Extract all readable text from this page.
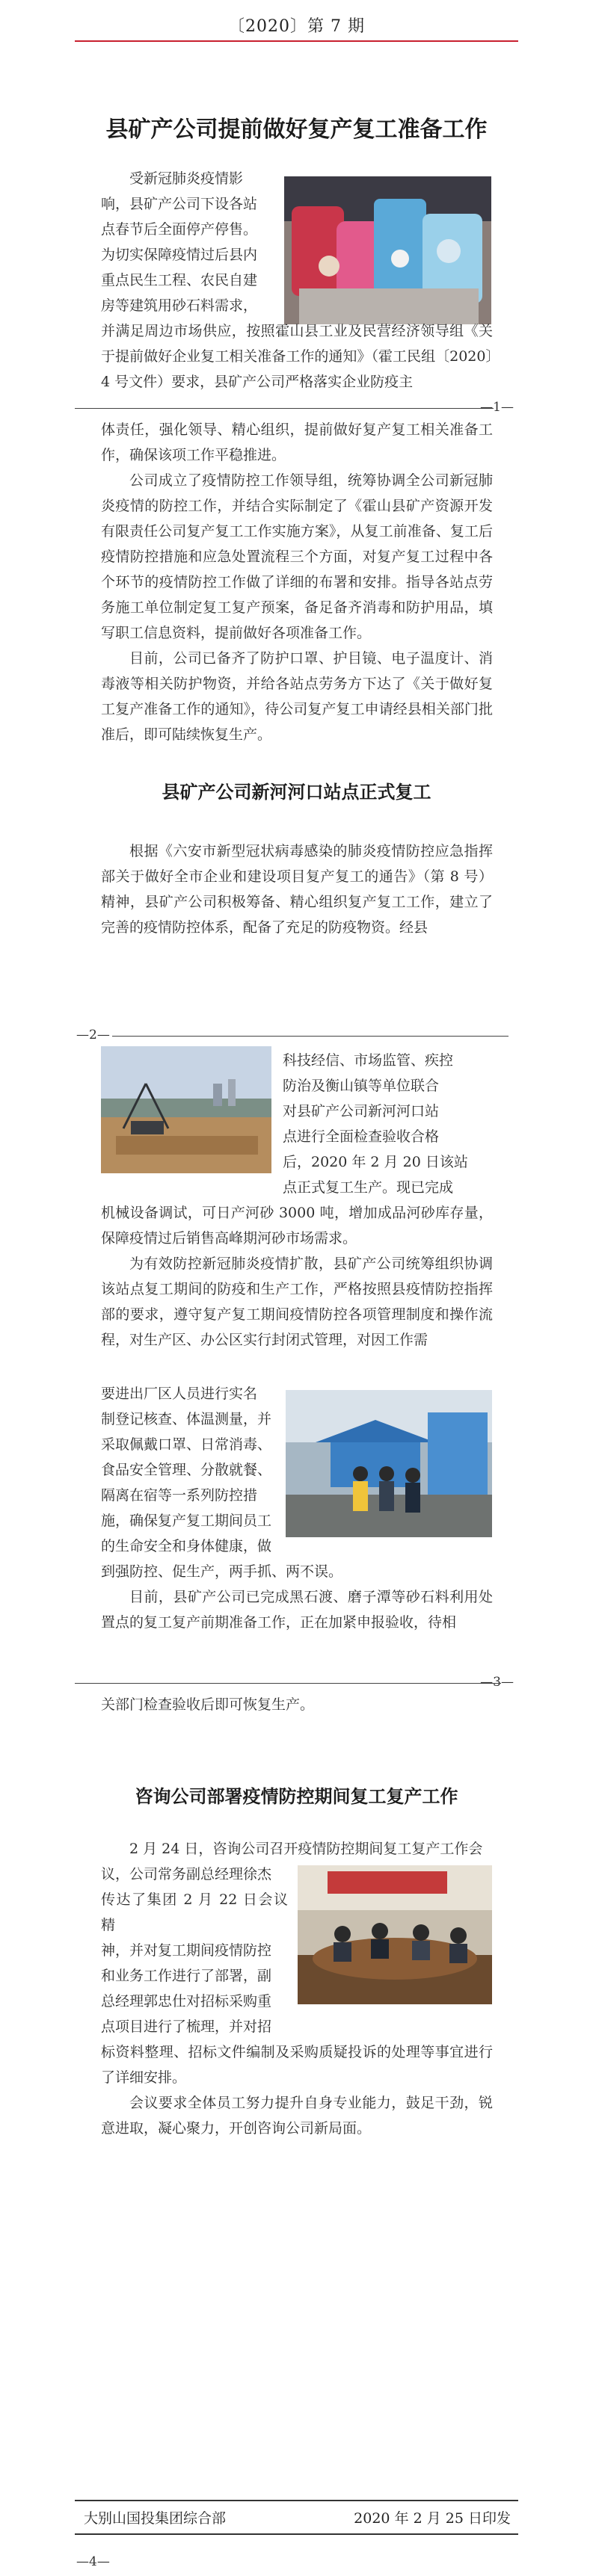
〔2020〕第 7 期
县矿产公司提前做好复产复工准备工作

受新冠肺炎疫情影

响，县矿产公司下设各站

点春节后全面停产停售。

为切实保障疫情过后县内

重点民生工程、农民自建

房等建筑用砂石料需求，

并满足周边市场供应，按照霍山县工业及民营经济领导组《关于提前做好企业复工相关准备工作的通知》（霍工民组〔2020〕4 号文件）要求，县矿产公司严格落实企业防疫主

—1—

体责任，强化领导、精心组织，提前做好复产复工相关准备工作，确保该项工作平稳推进。

公司成立了疫情防控工作领导组，统筹协调全公司新冠肺炎疫情的防控工作，并结合实际制定了《霍山县矿产资源开发有限责任公司复产复工工作实施方案》，从复工前准备、复工后疫情防控措施和应急处置流程三个方面，对复产复工过程中各个环节的疫情防控工作做了详细的布署和安排。指导各站点劳务施工单位制定复工复产预案，备足备齐消毒和防护用品，填写职工信息资料，提前做好各项准备工作。

目前，公司已备齐了防护口罩、护目镜、电子温度计、消毒液等相关防护物资，并给各站点劳务方下达了《关于做好复工复产准备工作的通知》，待公司复产复工申请经县相关部门批准后，即可陆续恢复生产。

县矿产公司新河河口站点正式复工

根据《六安市新型冠状病毒感染的肺炎疫情防控应急指挥部关于做好全市企业和建设项目复产复工的通告》（第 8 号）精神，县矿产公司积极筹备、精心组织复产复工工作，建立了完善的疫情防控体系，配备了充足的防疫物资。经县

—2—

科技经信、市场监管、疾控

防治及衡山镇等单位联合

对县矿产公司新河河口站

点进行全面检查验收合格

后，2020 年 2 月 20 日该站

点正式复工生产。现已完成

机械设备调试，可日产河砂 3000 吨，增加成品河砂库存量，保障疫情过后销售高峰期河砂市场需求。

为有效防控新冠肺炎疫情扩散，县矿产公司统筹组织协调该站点复工期间的防疫和生产工作，严格按照县疫情防控指挥部的要求，遵守复产复工期间疫情防控各项管理制度和操作流程，对生产区、办公区实行封闭式管理，对因工作需

要进出厂区人员进行实名

制登记核查、体温测量，并

采取佩戴口罩、日常消毒、

食品安全管理、分散就餐、

隔离在宿等一系列防控措

施，确保复产复工期间员工

的生命安全和身体健康，做

到强防控、促生产，两手抓、两不误。

目前，县矿产公司已完成黑石渡、磨子潭等砂石料利用处置点的复工复产前期准备工作，正在加紧申报验收，待相

—3—

关部门检查验收后即可恢复生产。

咨询公司部署疫情防控期间复工复产工作

2 月 24 日，咨询公司召开疫情防控期间复工复产工作会

议，公司常务副总经理徐杰

传达了集团 2 月 22 日会议精

神，并对复工期间疫情防控

和业务工作进行了部署，副

总经理郭忠仕对招标采购重

点项目进行了梳理，并对招

标资料整理、招标文件编制及采购质疑投诉的处理等事宜进行了详细安排。

会议要求全体员工努力提升自身专业能力，鼓足干劲，锐意进取，凝心聚力，开创咨询公司新局面。

大别山国投集团综合部	2020 年 2 月 25 日印发
—4—
